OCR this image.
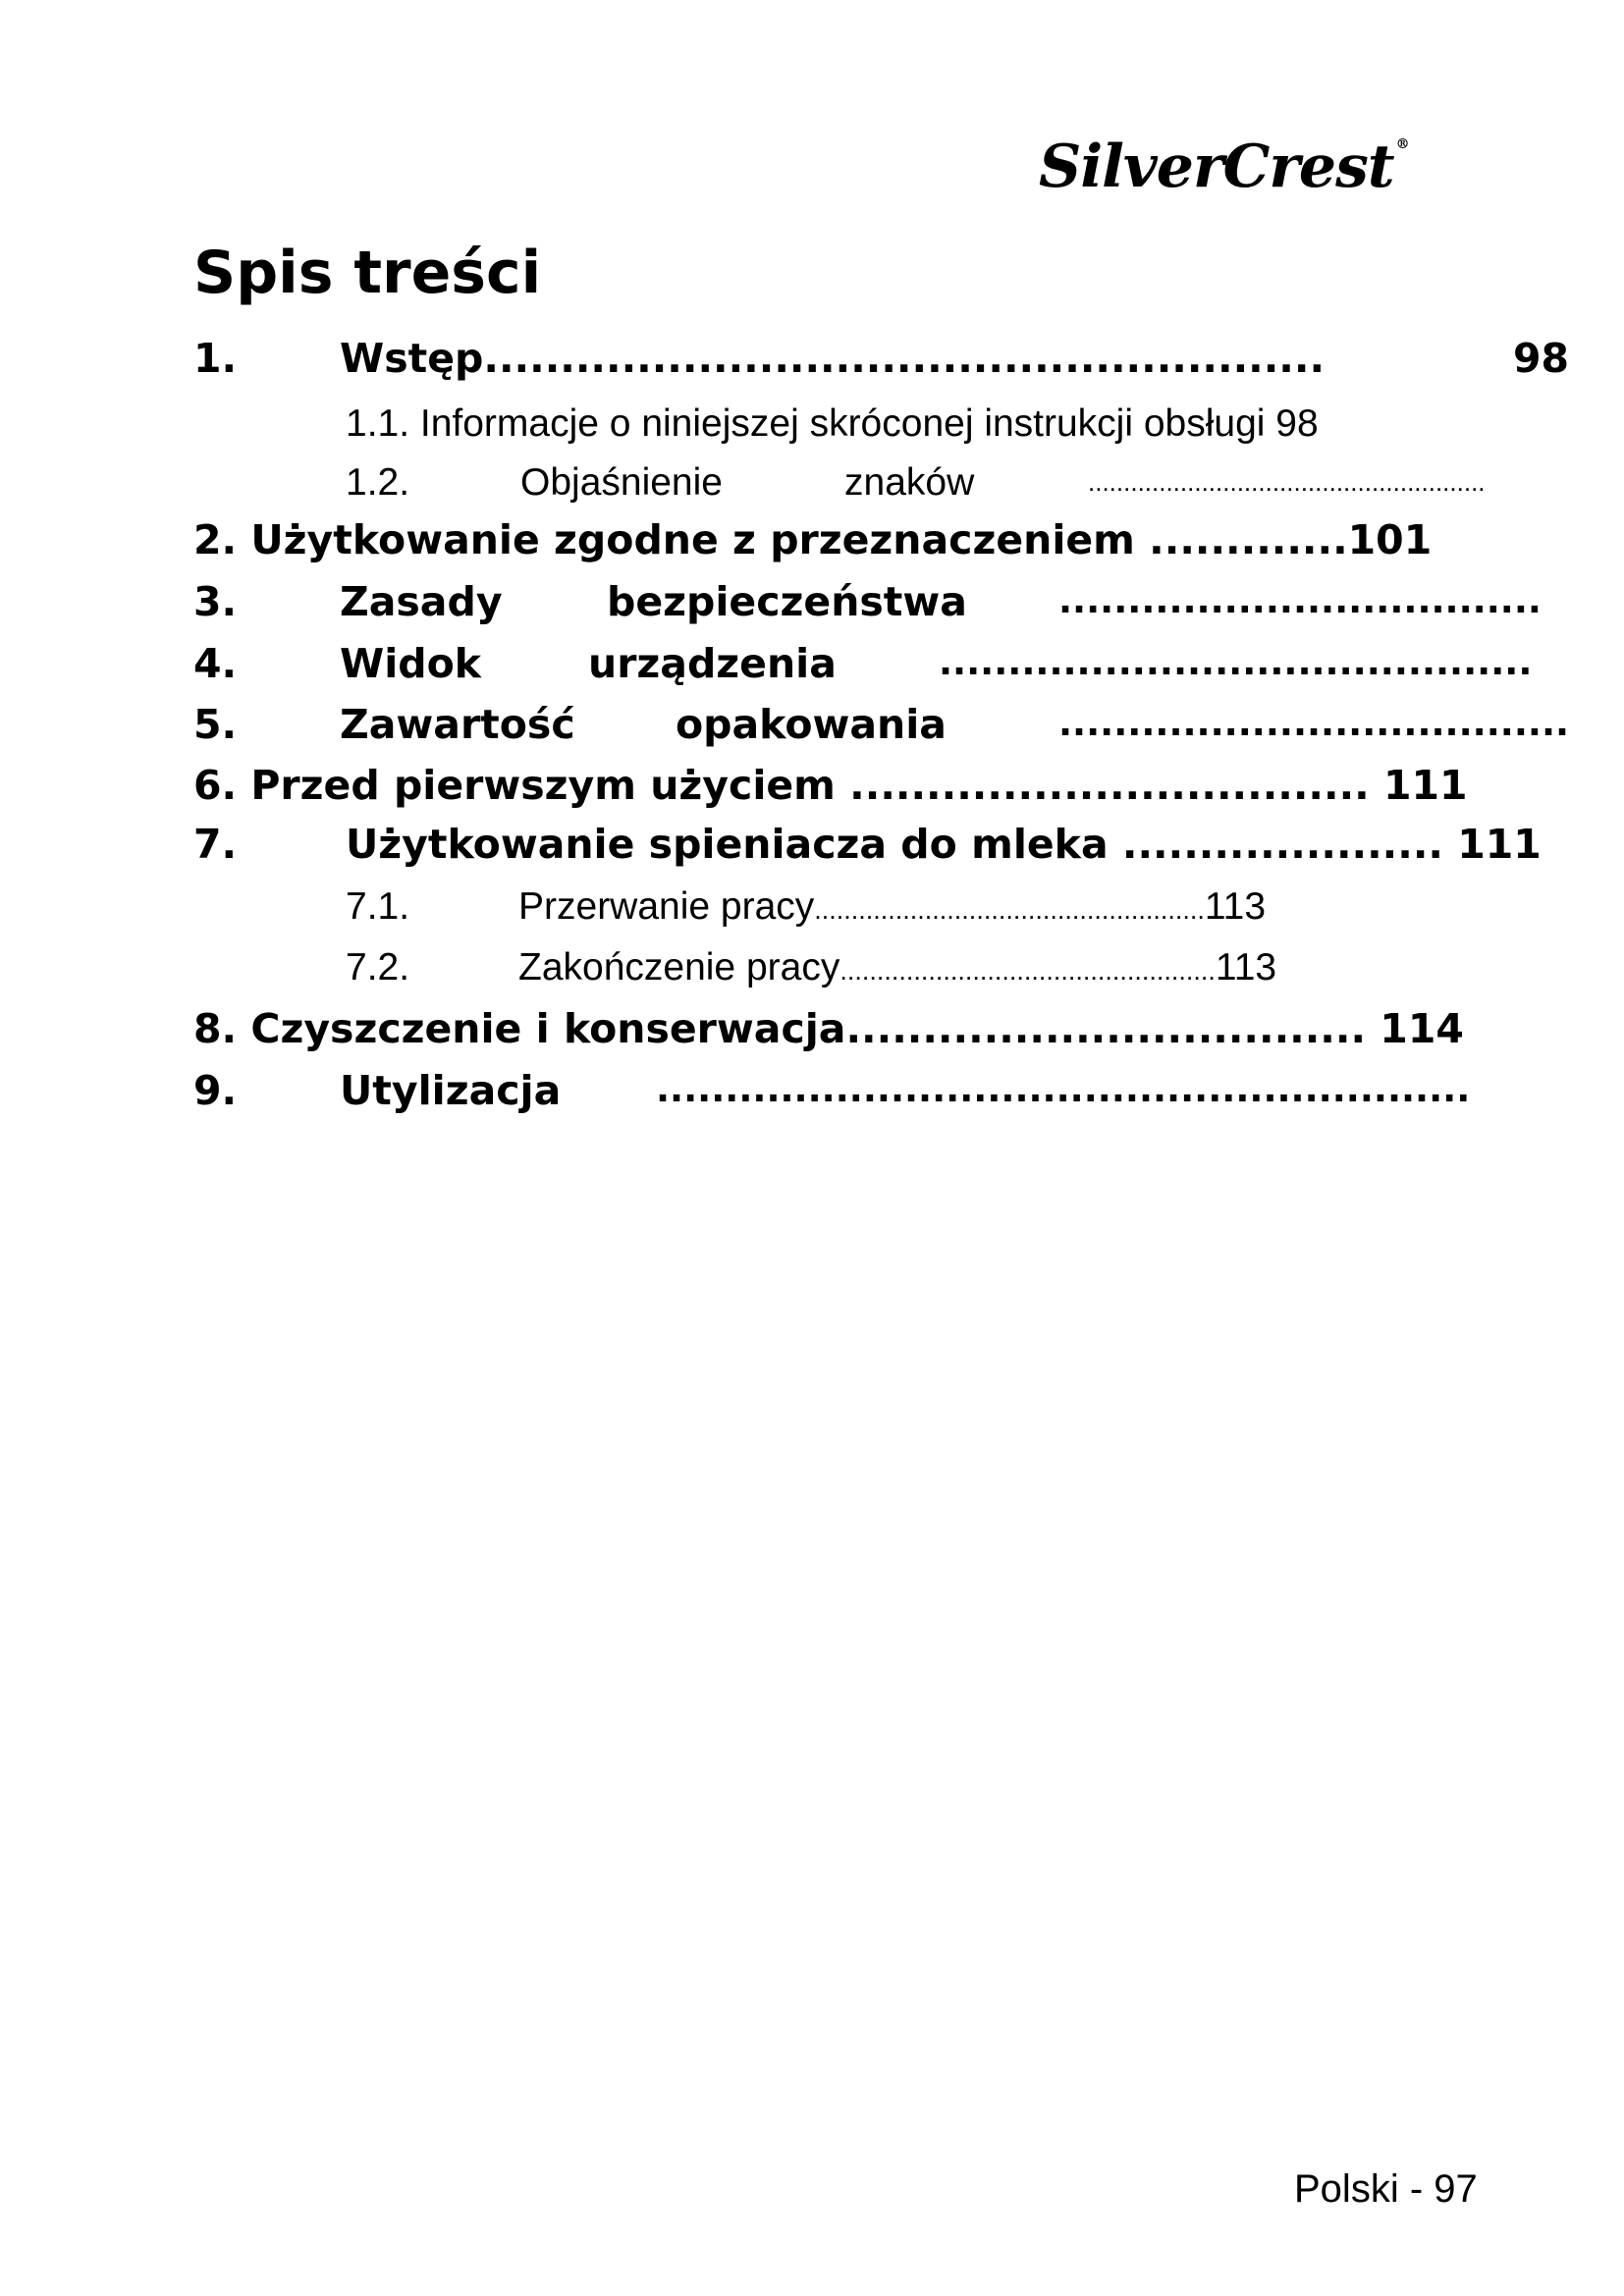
SilverCrest ®
Spis treści
1.	Wstęp.......................................................	98
1.1. Informacje o niniejszej skróconej instrukcji obsługi 98
1.2.	Objaśnienie	znaków	........................................................
2. Użytkowanie zgodne z przeznaczeniem .............101
3.	Zasady	bezpieczeństwa	...................................
4.	Widok	urządzenia	...........................................
5.	Zawartość opakowania	.....................................
6. Przed pierwszym użyciem .................................. 111
7.	Użytkowanie spieniacza do mleka ..................... 111
7.1.	Przerwanie pracy.....................................................113
7.2.	Zakończenie pracy...................................................113
8. Czyszczenie i konserwacja.................................. 114
9.	Utylizacja	...........................................................
Polski - 97
